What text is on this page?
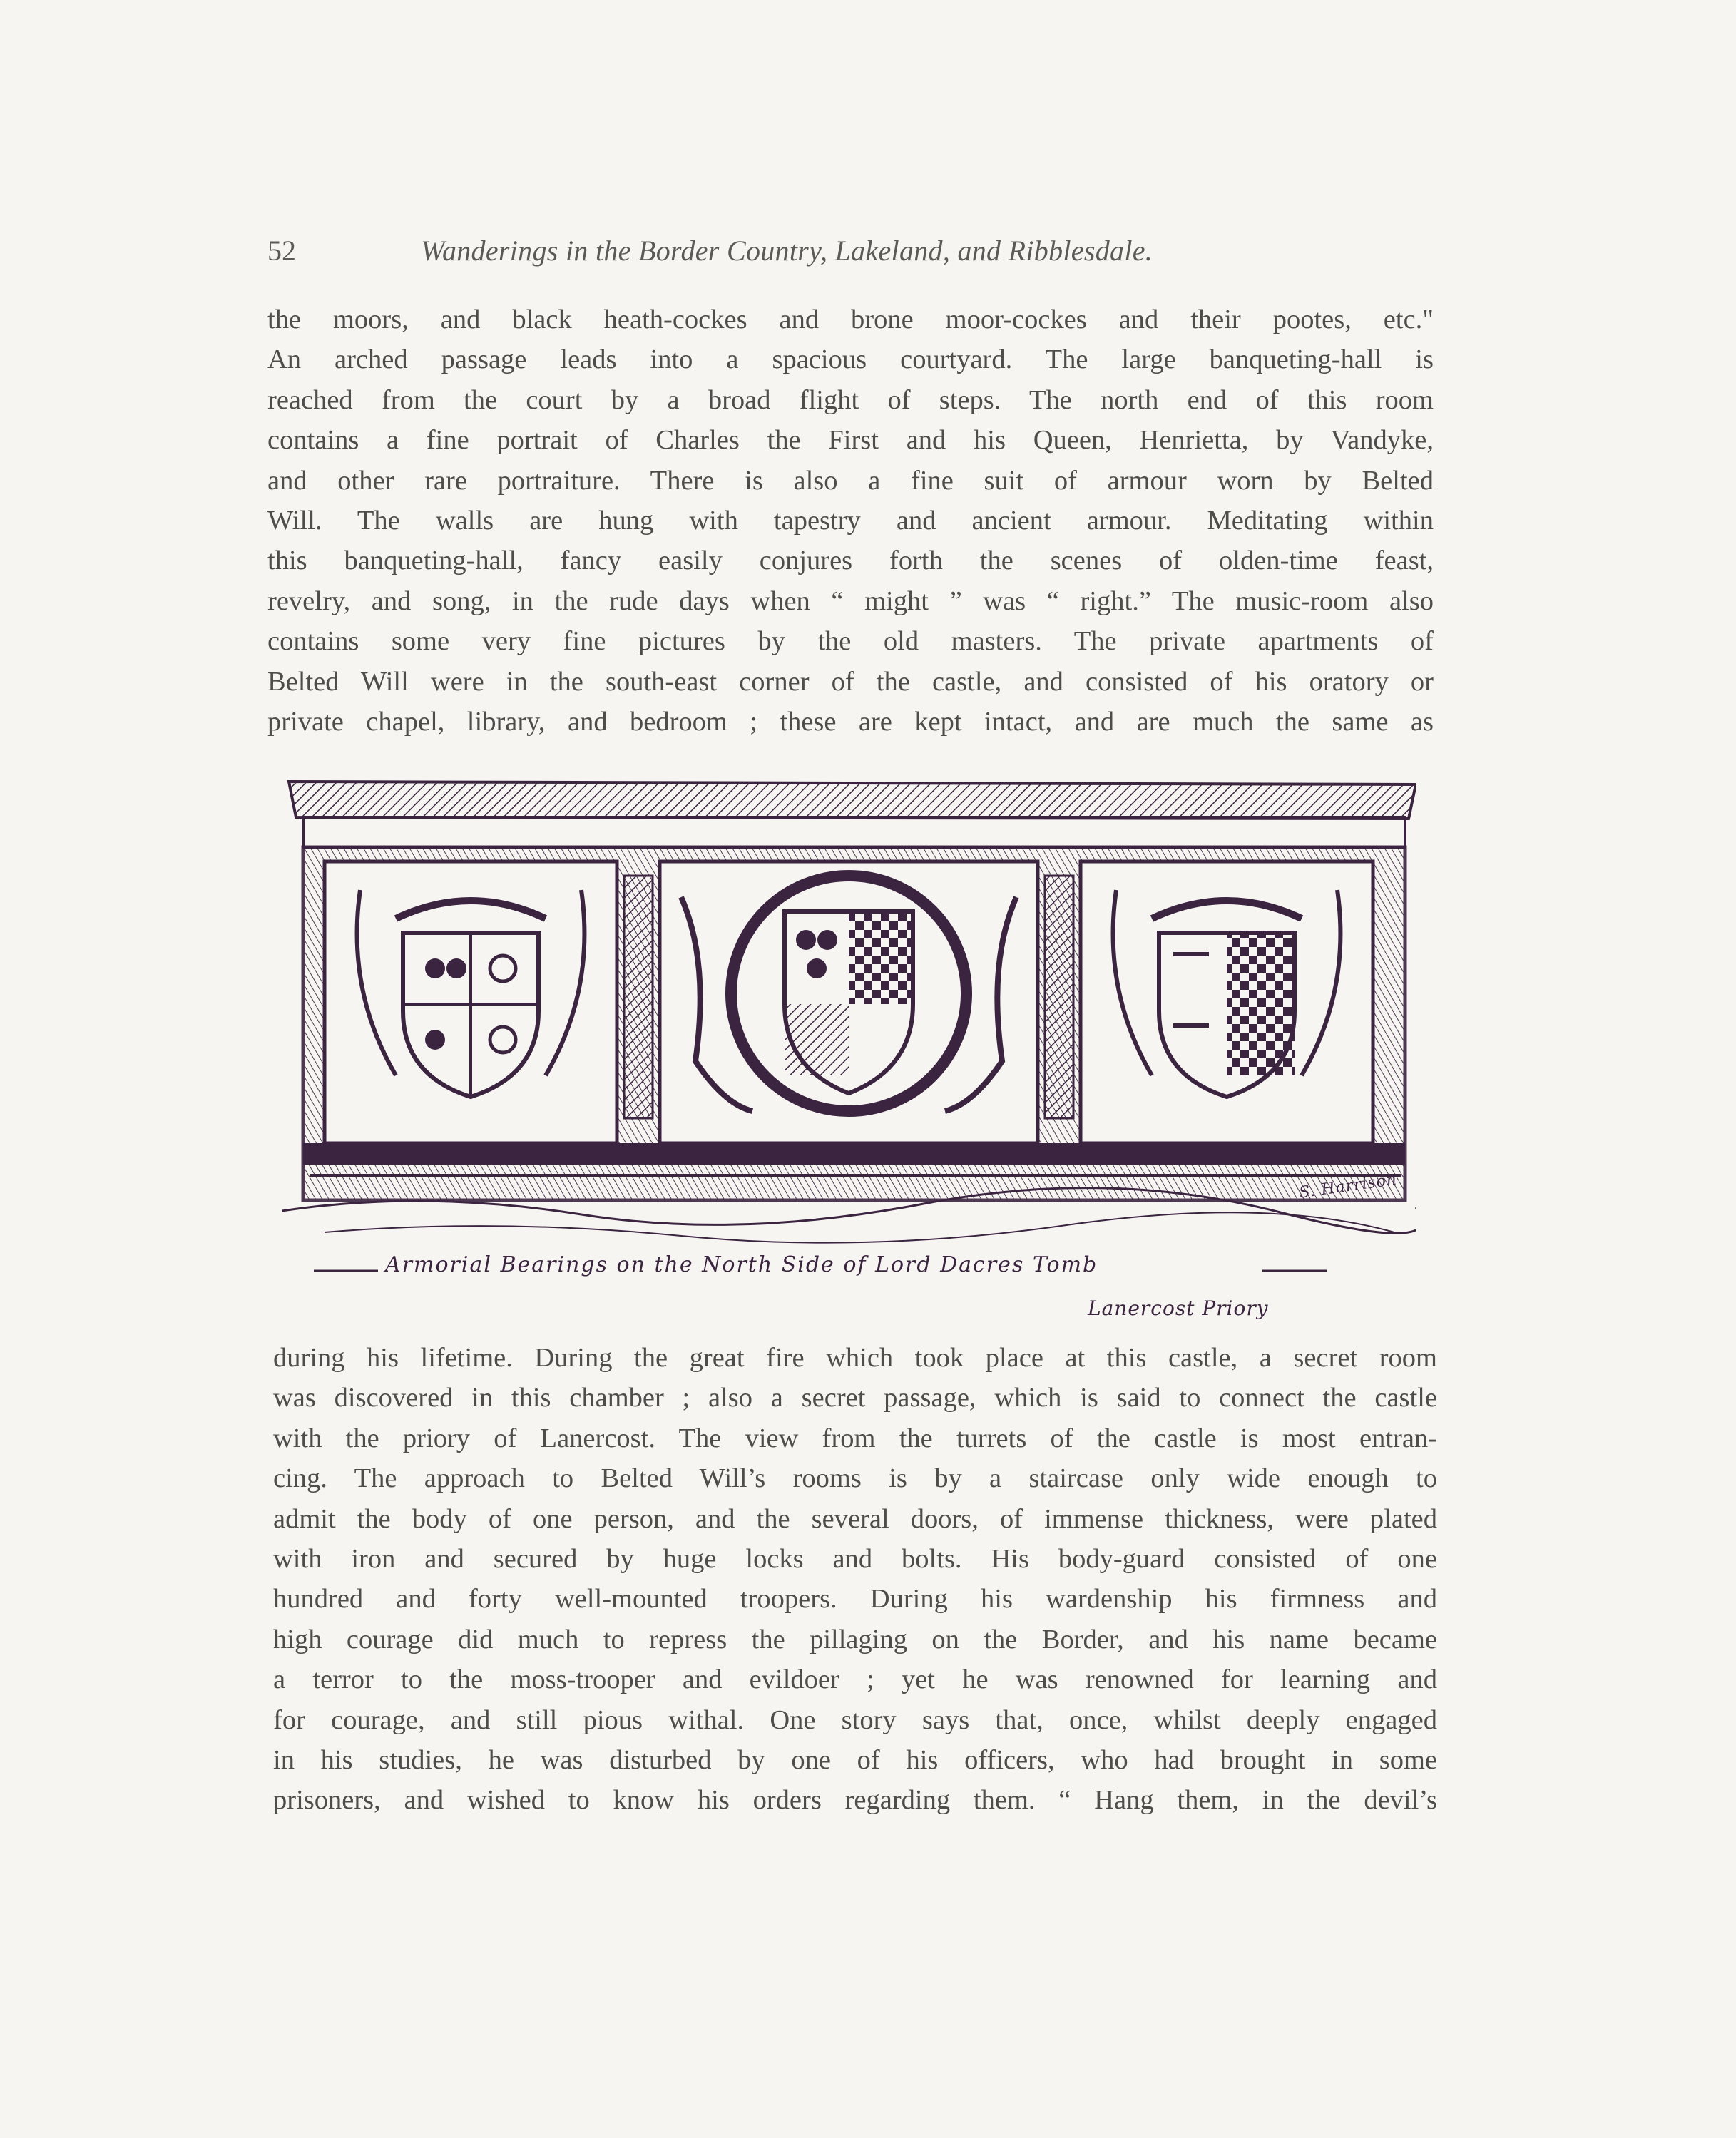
52	Wanderings in the Border Country, Lakeland, and Ribblesdale.
the moors, and black heath-cockes and brone moor-cockes and their pootes, etc."
An arched passage leads into a spacious courtyard. The large banqueting-hall is
reached from the court by a broad flight of steps. The north end of this room
contains a fine portrait of Charles the First and his Queen, Henrietta, by Vandyke,
and other rare portraiture. There is also a fine suit of armour worn by Belted
Will. The walls are hung with tapestry and ancient armour. Meditating within
this banqueting-hall, fancy easily conjures forth the scenes of olden-time feast,
revelry, and song, in the rude days when “ might ” was “ right.” The music-room also
contains some very fine pictures by the old masters. The private apartments of
Belted Will were in the south-east corner of the castle, and consisted of his oratory or
private chapel, library, and bedroom ; these are kept intact, and are much the same as
S. Harrison
Armorial Bearings on the North Side of Lord Dacres Tomb
Lanercost Priory
during his lifetime. During the great fire which took place at this castle, a secret room
was discovered in this chamber ; also a secret passage, which is said to connect the castle
with the priory of Lanercost. The view from the turrets of the castle is most entran-
cing. The approach to Belted Will’s rooms is by a staircase only wide enough to
admit the body of one person, and the several doors, of immense thickness, were plated
with iron and secured by huge locks and bolts. His body-guard consisted of one
hundred and forty well-mounted troopers. During his wardenship his firmness and
high courage did much to repress the pillaging on the Border, and his name became
a terror to the moss-trooper and evildoer ; yet he was renowned for learning and
for courage, and still pious withal. One story says that, once, whilst deeply engaged
in his studies, he was disturbed by one of his officers, who had brought in some
prisoners, and wished to know his orders regarding them. “ Hang them, in the devil’s
